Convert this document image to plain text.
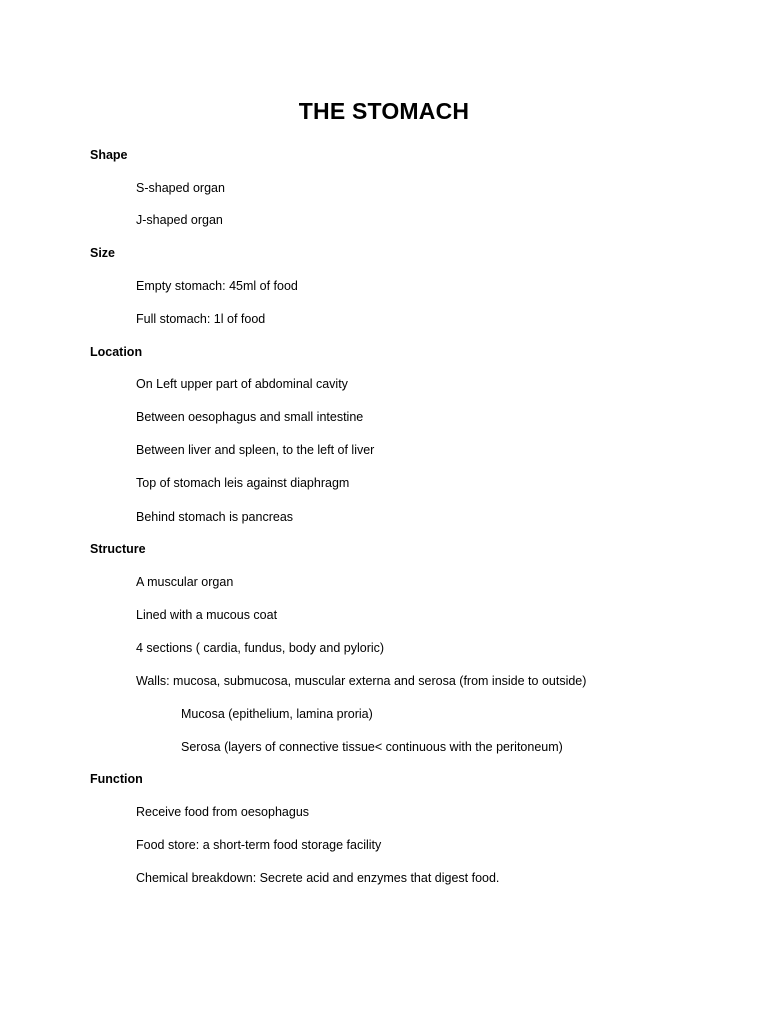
THE STOMACH
Shape
S-shaped organ
J-shaped organ
Size
Empty stomach: 45ml of food
Full stomach: 1l of food
Location
On Left upper part of abdominal cavity
Between oesophagus and small intestine
Between liver and spleen, to the left of liver
Top of stomach leis against diaphragm
Behind stomach is pancreas
Structure
A muscular organ
Lined with a mucous coat
4 sections ( cardia, fundus, body and pyloric)
Walls: mucosa, submucosa, muscular externa and serosa (from inside to outside)
Mucosa (epithelium, lamina proria)
Serosa (layers of connective tissue< continuous with the peritoneum)
Function
Receive food from oesophagus
Food store: a short-term food storage facility
Chemical breakdown: Secrete acid and enzymes that digest food.
